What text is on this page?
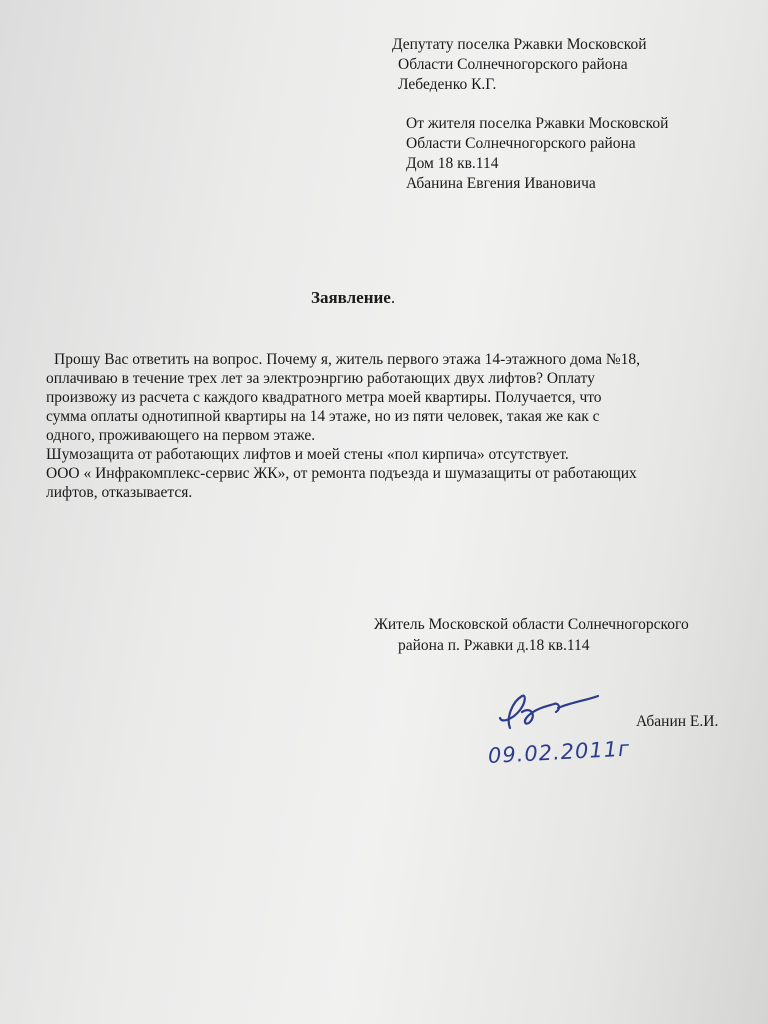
Депутату поселка Ржавки Московской
Области Солнечногорского района
Лебеденко К.Г.
От жителя поселка Ржавки Московской
Области Солнечногорского района
Дом 18 кв.114
Абанина Евгения Ивановича
Заявление.
Прошу Вас ответить на вопрос. Почему я, житель первого этажа 14-этажного дома №18,
оплачиваю в течение трех лет за электроэнргию работающих двух лифтов? Оплату
произвожу из расчета с каждого квадратного метра моей квартиры. Получается, что
сумма оплаты однотипной квартиры на 14 этаже, но из пяти человек, такая же как с
одного, проживающего на первом этаже.
Шумозащита от работающих лифтов и моей стены «пол кирпича» отсутствует.
ООО « Инфракомплекс-сервис ЖК», от ремонта подъезда и шумазащиты от работающих
лифтов, отказывается.
Житель Московской области Солнечногорского
района п. Ржавки д.18 кв.114
Абанин Е.И.
09.02.2011г
